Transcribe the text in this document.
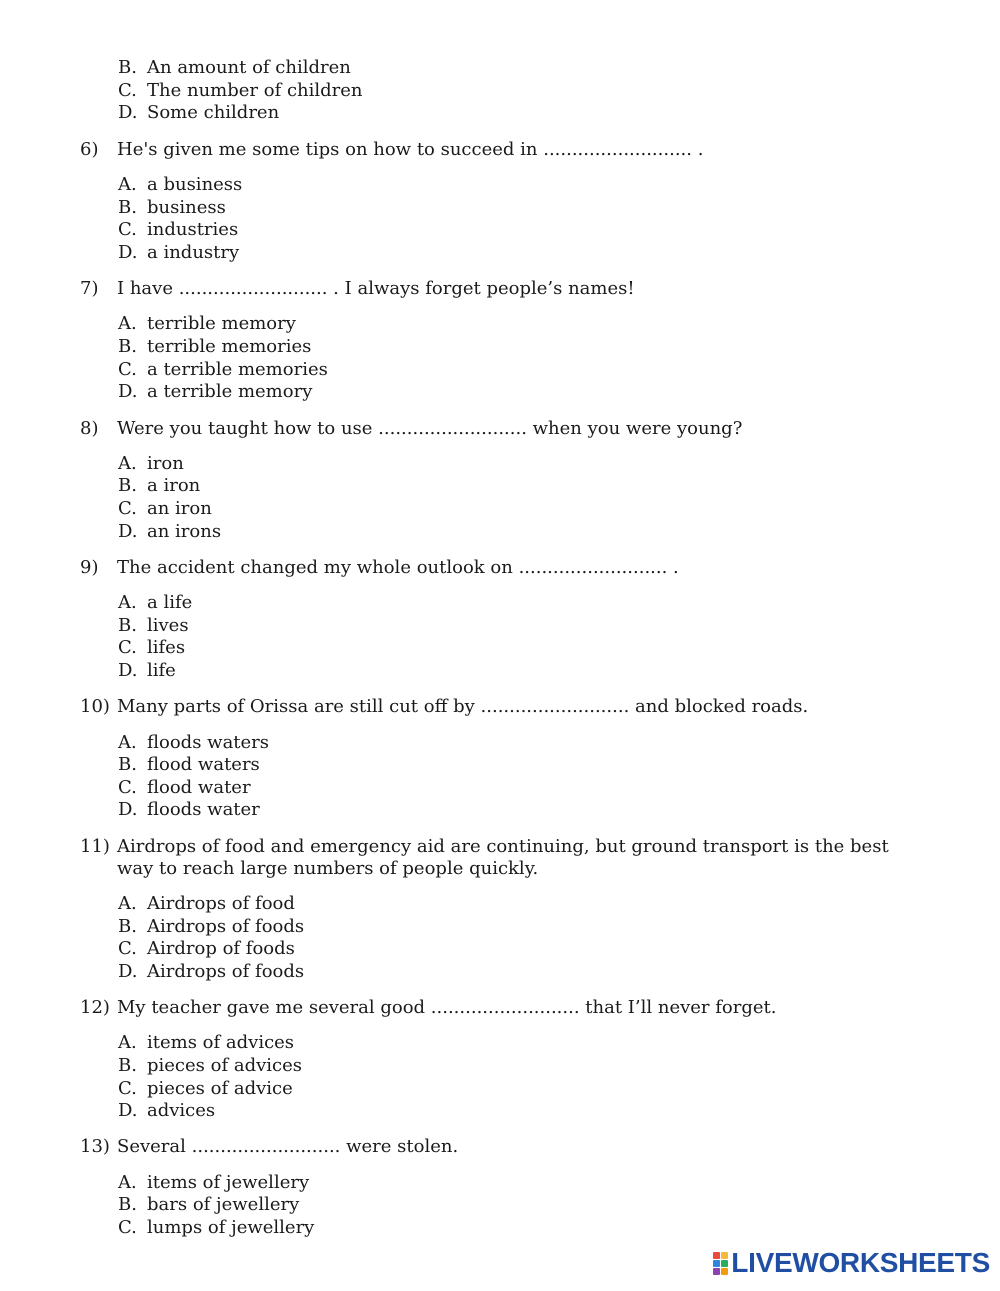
B. An amount of children
C. The number of children
D. Some children
6)	He's given me some tips on how to succeed in .......................... .
A. a business
B. business
C. industries
D. a industry
7)	I have .......................... . I always forget people’s names!
A. terrible memory
B. terrible memories
C. a terrible memories
D. a terrible memory
8)	Were you taught how to use .......................... when you were young?
A. iron
B. a iron
C. an iron
D. an irons
9)	The accident changed my whole outlook on .......................... .
A. a life
B. lives
C. lifes
D. life
10) Many parts of Orissa are still cut off by .......................... and blocked roads.
A. floods waters
B. flood waters
C. flood water
D. floods water
11) Airdrops of food and emergency aid are continuing, but ground transport is the best way to reach large numbers of people quickly.
A. Airdrops of food
B. Airdrops of foods
C. Airdrop of foods
D. Airdrops of foods
12) My teacher gave me several good .......................... that I’ll never forget.
A. items of advices
B. pieces of advices
C. pieces of advice
D. advices
13) Several .......................... were stolen.
A. items of jewellery
B. bars of jewellery
C. lumps of jewellery
LIVEWORKSHEETS
